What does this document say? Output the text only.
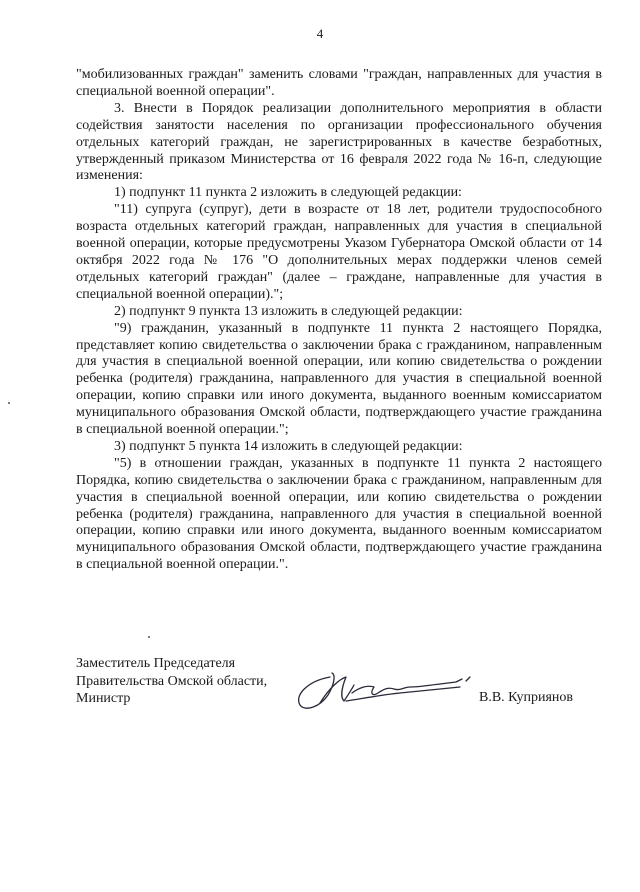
4

"мобилизованных граждан" заменить словами "граждан, направленных для участия в специальной военной операции".

3. Внести в Порядок реализации дополнительного мероприятия в области содействия занятости населения по организации профессионального обучения отдельных категорий граждан, не зарегистрированных в качестве безработных, утвержденный приказом Министерства от 16 февраля 2022 года № 16-п, следующие изменения:

1) подпункт 11 пункта 2 изложить в следующей редакции:

"11) супруга (супруг), дети в возрасте от 18 лет, родители трудоспособного возраста отдельных категорий граждан, направленных для участия в специальной военной операции, которые предусмотрены Указом Губернатора Омской области от 14 октября 2022 года № 176 "О дополнительных мерах поддержки членов семей отдельных категорий граждан" (далее – граждане, направленные для участия в специальной военной операции).";

2) подпункт 9 пункта 13 изложить в следующей редакции:

"9) гражданин, указанный в подпункте 11 пункта 2 настоящего Порядка, представляет копию свидетельства о заключении брака с гражданином, направленным для участия в специальной военной операции, или копию свидетельства о рождении ребенка (родителя) гражданина, направленного для участия в специальной военной операции, копию справки или иного документа, выданного военным комиссариатом муниципального образования Омской области, подтверждающего участие гражданина в специальной военной операции.";

3) подпункт 5 пункта 14 изложить в следующей редакции:

"5) в отношении граждан, указанных в подпункте 11 пункта 2 настоящего Порядка, копию свидетельства о заключении брака с гражданином, направленным для участия в специальной военной операции, или копию свидетельства о рождении ребенка (родителя) гражданина, направленного для участия в специальной военной операции, копию справки или иного документа, выданного военным комиссариатом муниципального образования Омской области, подтверждающего участие гражданина в специальной военной операции.".

Заместитель Председателя
Правительства Омской области,
Министр	В.В. Куприянов
